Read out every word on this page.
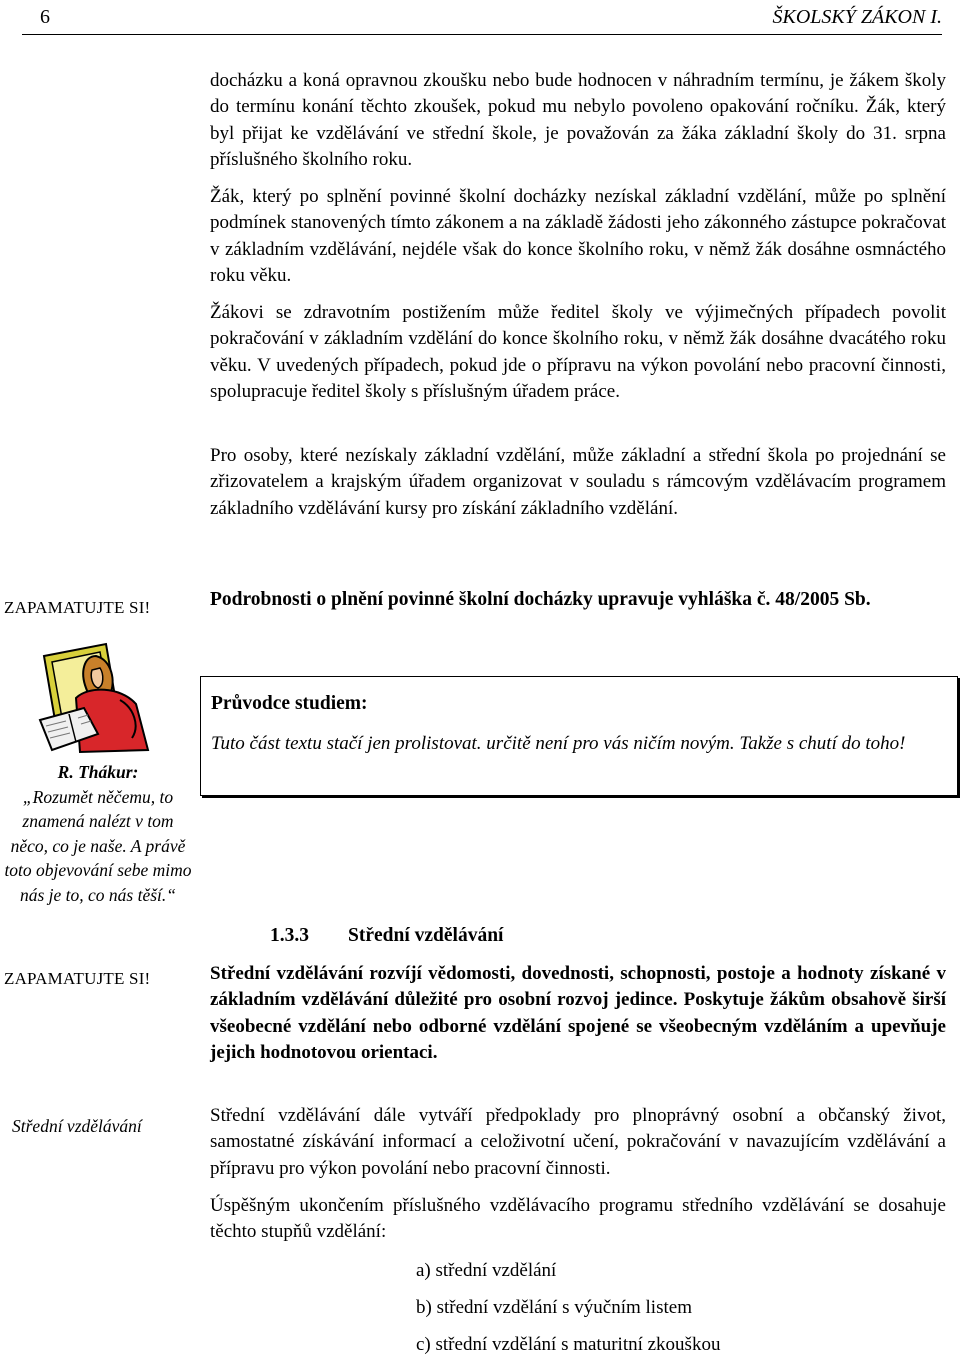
6	ŠKOLSKÝ ZÁKON I.

docházku a koná opravnou zkoušku nebo bude hodnocen v náhradním termínu, je žákem školy do termínu konání těchto zkoušek, pokud mu nebylo povoleno opakování ročníku. Žák, který byl přijat ke vzdělávání ve střední škole, je považován za žáka základní školy do 31. srpna příslušného školního roku.

Žák, který po splnění povinné školní docházky nezískal základní vzdělání, může po splnění podmínek stanovených tímto zákonem a na základě žádosti jeho zákonného zástupce pokračovat v základním vzdělávání, nejdéle však do konce školního roku, v němž žák dosáhne osmnáctého roku věku.

Žákovi se zdravotním postižením může ředitel školy ve výjimečných případech povolit pokračování v základním vzdělání do konce školního roku, v němž žák dosáhne dvacátého roku věku. V uvedených případech, pokud jde o přípravu na výkon povolání nebo pracovní činnosti, spolupracuje ředitel školy s příslušným úřadem práce.

Pro osoby, které nezískaly základní vzdělání, může základní a střední škola po projednání se zřizovatelem a krajským úřadem organizovat v souladu s rámcovým vzdělávacím programem základního vzdělávání kursy pro získání základního vzdělání.

ZAPAMATUJTE SI!	Podrobnosti o plnění povinné školní docházky upravuje vyhláška č. 48/2005 Sb.
Průvodce studiem:
Tuto část textu stačí jen prolistovat. určitě není pro vás ničím novým. Takže s chutí do toho!
R. Thákur:
„Rozumět něčemu, to znamená nalézt v tom něco, co je naše. A právě toto objevování sebe mimo nás je to, co nás těší.“
1.3.3 Střední vzdělávání
ZAPAMATUJTE SI!	Střední vzdělávání rozvíjí vědomosti, dovednosti, schopnosti, postoje a hodnoty získané v základním vzdělávání důležité pro osobní rozvoj jedince. Poskytuje žákům obsahově širší všeobecné vzdělání nebo odborné vzdělání spojené se všeobecným vzděláním a upevňuje jejich hodnotovou orientaci.
Střední vzdělávání	Střední vzdělávání dále vytváří předpoklady pro plnoprávný osobní a občanský život, samostatné získávání informací a celoživotní učení, pokračování v navazujícím vzdělávání a přípravu pro výkon povolání nebo pracovní činnosti.

Úspěšným ukončením příslušného vzdělávacího programu středního vzdělávání se dosahuje těchto stupňů vzdělání:

a) střední vzdělání
b) střední vzdělání s výučním listem
c) střední vzdělání s maturitní zkouškou
